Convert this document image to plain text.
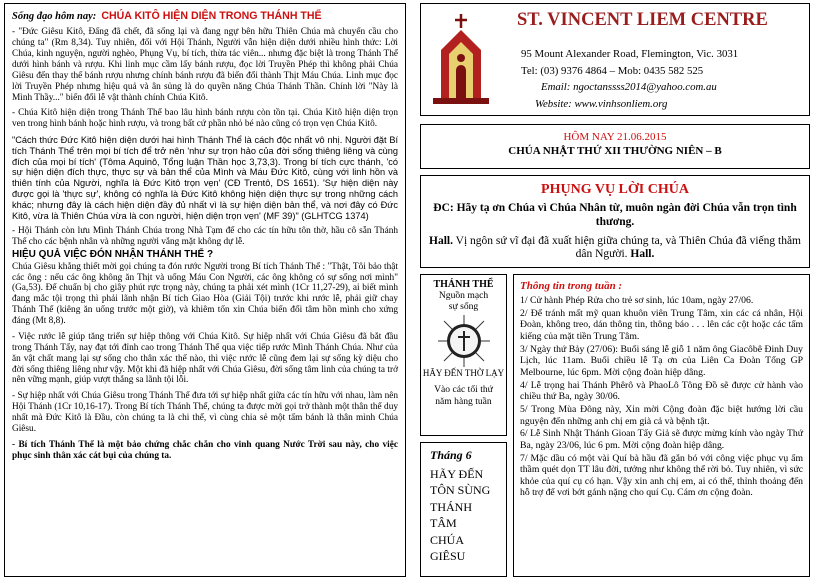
Sống đạo hôm nay: CHÚA KITÔ HIỆN DIỆN TRONG THÁNH THỂ

- "Đức Giêsu Kitô, Đấng đã chết, đã sống lại và đang ngự bên hữu Thiên Chúa mà chuyển cầu cho chúng ta" (Rm 8,34). Tuy nhiên, đối với Hội Thánh, Người vẫn hiện diện dưới nhiều hình thức: Lời Chúa, kinh nguyện, người nghèo, Phụng Vụ, bí tích, thừa tác viên... nhưng đặc biệt là trong Thánh Thể dưới hình bánh và rượu. Khi linh mục cầm lấy bánh rượu, đọc lời Truyền Phép thì không phải Chúa Giêsu đến thay thế bánh rượu nhưng chính bánh rượu đã biến đổi thành Thịt Máu Chúa. Linh mục đọc lời Truyền Phép nhưng hiệu quả và ân sủng là do quyền năng Chúa Thánh Thần. Chính lời "Này là Mình Thầy..." biến đổi lễ vật thành chính Chúa Kitô.

- Chúa Kitô hiện diện trong Thánh Thể bao lâu hình bánh rượu còn tồn tại. Chúa Kitô hiện diện trọn ven trong hình bánh hoặc hình rượu, và trong bất cứ phần nhỏ bé nào cũng có trọn vẹn Chúa Kitô.

"Cách thức Đức Kitô hiện diện dưới hai hình Thánh Thể là cách độc nhất vô nhị. Người đặt Bí tích Thánh Thể trên mọi bí tích để trở nên 'như sự trọn hảo của đời sống thiêng liêng và cùng đích của mọi bí tích' (Tôma Aquinô, Tổng luận Thần học 3,73,3). Trong bí tích cực thánh, 'có sự hiện diện đích thực, thực sự và bản thể của Mình và Máu Đức Kitô, cùng với linh hồn và thiên tính của Người, nghĩa là Đức Kitô trọn vẹn' (CĐ Trentô, DS 1651). 'Sự hiện diện này được gọi là 'thực sự', không có nghĩa là Đức Kitô không hiện diện thực sự trong những cách khác; nhưng đây là cách hiện diện đầy đủ nhất vì là sự hiện diện bản thể, và nơi đây có Đức Kitô, vừa là Thiên Chúa vừa là con người, hiện diện trọn vẹn' (MF 39)" (GLHTCG 1374)

- Hội Thánh còn lưu Mình Thánh Chúa trong Nhà Tạm để cho các tín hữu tôn thờ, hầu cô sẵn Thánh Thể cho các bệnh nhân và những người vắng mặt không dự lễ.

HIỆU QUẢ VIỆC ĐÓN NHẬN THÁNH THỂ ?

Chúa Giêsu khẳng thiết mời gọi chúng ta đón rước Người trong Bí tích Thánh Thể : "Thật, Tôi bảo thật các ông : nếu các ông không ăn Thịt và uống Máu Con Người, các ông không có sự sống nơi mình" (Ga,53). Để chuẩn bị cho giây phút rực trọng này, chúng ta phải xét mình (1Cr 11,27-29), ai biết mình đang mắc tội trọng thì phải lãnh nhận Bí tích Giao Hòa (Giải Tội) trước khi rước lễ, phải giữ chay Thánh Thể (kiêng ăn uống trước một giờ), và khiêm tốn xin Chúa biến đổi tâm hồn mình cho xứng đáng (Mt 8,8).

- Việc rước lễ giúp tăng triển sự hiệp thông với Chúa Kitô. Sự hiệp nhất với Chúa Giêsu đã bắt đầu trong Thánh Tẩy, nay đạt tới đỉnh cao trong Thánh Thể qua việc tiếp rước Mình Thánh Chúa. Như của ăn vật chất mang lại sự sống cho thân xác thế nào, thì việc rước lễ cũng đem lại sự sống kỳ diệu cho đời sống thiêng liêng như vậy. Một khi đã hiệp nhất với Chúa Giêsu, đời sống tâm linh của chúng ta trở nên vững mạnh, giúp vượt thắng sa lãnh tội lỗi.

- Sự hiệp nhất với Chúa Giêsu trong Thánh Thể đưa tới sự hiệp nhất giữa các tín hữu với nhau, làm nên Hội Thánh (1Cr 10,16-17). Trong Bí tích Thánh Thể, chúng ta được mời gọi trở thành một thân thể duy nhất mà Đức Kitô là Đầu, còn chúng ta là chi thể, vì cùng chia sẻ một tấm bánh là thân mình Chúa Giêsu.

- Bí tích Thánh Thể là một bảo chứng chắc chắn cho vinh quang Nước Trời sau này, cho việc phục sinh thân xác cát bụi của chúng ta.

ST. VINCENT LIEM CENTRE
95 Mount Alexander Road, Flemington, Vic. 3031
Tel: (03) 9376 4864 – Mob: 0435 582 525
Email: ngoctanssss2014@yahoo.com.au
Website: www.vinhsonliem.org
HÔM NAY 21.06.2015
CHÚA NHẬT THỨ XII THƯỜNG NIÊN – B
PHỤNG VỤ LỜI CHÚA
ĐC: Hãy tạ ơn Chúa vì Chúa Nhân từ, muôn ngàn đời Chúa vẫn trọn tình thương.
Hall. Vị ngôn sứ vĩ đại đã xuất hiện giữa chúng ta, và Thiên Chúa đã viếng thăm dân Người. Hall.
THÁNH THỂ
Nguồn mạch
sự sống
HÃY ĐẾN THỜ LẠY
Vào các tối thứ năm hàng tuần
Tháng 6
HÃY ĐẾN
TÔN SÙNG
THÁNH
TÂM
CHÚA
GIÊSU
Thông tin trong tuần :

1/ Cử hành Phép Rửa cho trẻ sơ sinh, lúc 10am, ngày 27/06.

2/ Để tránh mất mỹ quan khuôn viên Trung Tâm, xin các cá nhân, Hội Đoàn, không treo, dán thông tin, thông báo . . . lên các cột hoặc các tấm kiếng của mặt tiền Trung Tâm.

3/ Ngày thứ Bảy (27/06): Buổi sáng lễ giỗ 1 năm ông Giacôbê Đinh Duy Lịch, lúc 11am. Buổi chiều lễ Tạ ơn của Liên Ca Đoàn Tổng GP Melbourne, lúc 6pm. Mời cộng đoàn hiệp dâng.

4/ Lễ trọng hai Thánh Phêrô và PhaoLô Tông Đồ sẽ được cử hành vào chiều thứ Ba, ngày 30/06.

5/ Trong Mùa Đông này, Xin mời Cộng đoàn đặc biệt hướng lời cầu nguyện đến những anh chị em già cả và bệnh tật.

6/ Lễ Sinh Nhật Thánh Gioan Tẩy Giả sẽ được mừng kính vào ngày Thứ Ba, ngày 23/06, lúc 6 pm. Mời cộng đoàn hiệp dâng.

7/ Mặc dầu có một vài Quí bà hầu đã gắn bó với công việc phục vụ ẩm thầm quét dọn TT lâu đời, tưởng như không thể rời bỏ. Tuy nhiên, vì sức khỏe của quí cụ có hạn. Vậy xin anh chị em, ai có thể, thỉnh thoảng đến hỗ trợ để vơi bớt gánh nặng cho quí Cụ. Cám ơn cộng đoàn.
